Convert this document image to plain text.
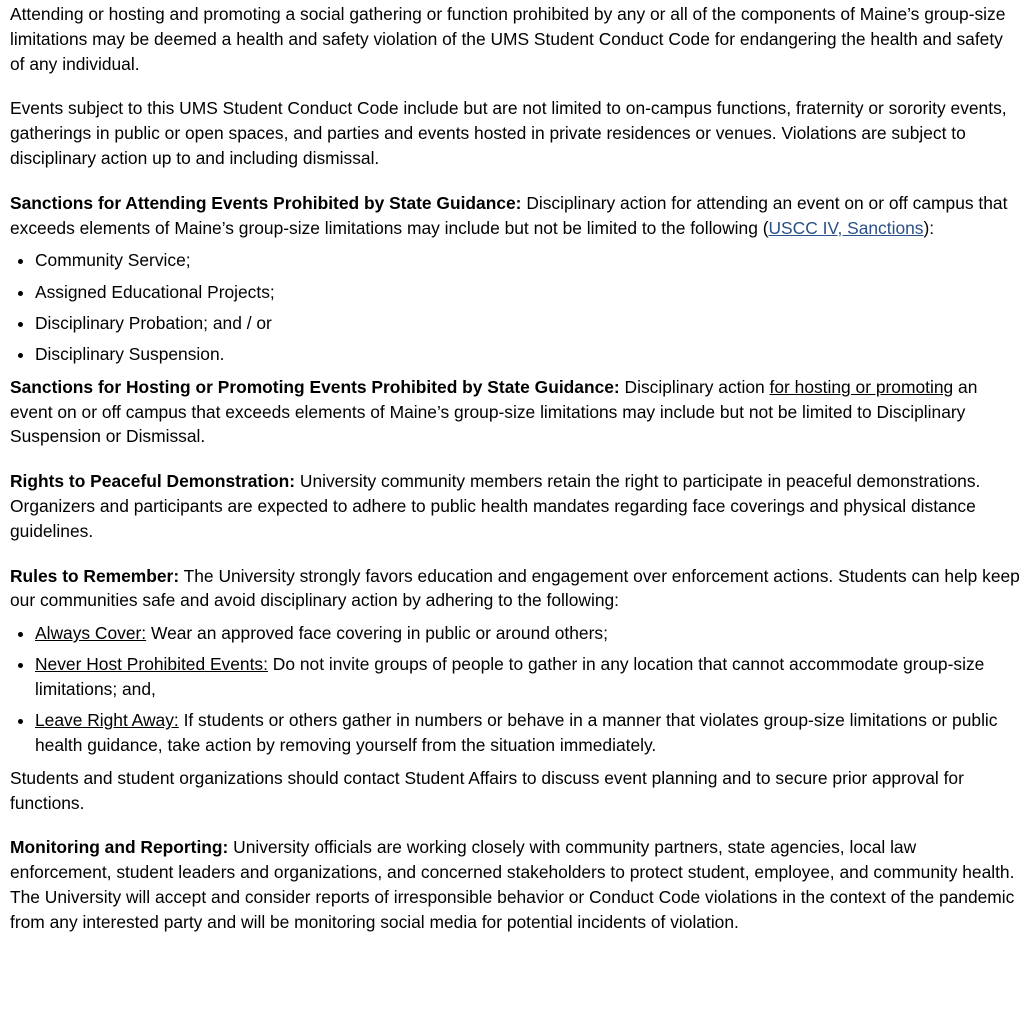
Attending or hosting and promoting a social gathering or function prohibited by any or all of the components of Maine’s group-size limitations may be deemed a health and safety violation of the UMS Student Conduct Code for endangering the health and safety of any individual.

Events subject to this UMS Student Conduct Code include but are not limited to on-campus functions, fraternity or sorority events, gatherings in public or open spaces, and parties and events hosted in private residences or venues. Violations are subject to disciplinary action up to and including dismissal.

Sanctions for Attending Events Prohibited by State Guidance: Disciplinary action for attending an event on or off campus that exceeds elements of Maine’s group-size limitations may include but not be limited to the following (USCC IV, Sanctions):

• Community Service;
• Assigned Educational Projects;
• Disciplinary Probation; and / or
• Disciplinary Suspension.

Sanctions for Hosting or Promoting Events Prohibited by State Guidance: Disciplinary action for hosting or promoting an event on or off campus that exceeds elements of Maine’s group-size limitations may include but not be limited to Disciplinary Suspension or Dismissal.

Rights to Peaceful Demonstration: University community members retain the right to participate in peaceful demonstrations. Organizers and participants are expected to adhere to public health mandates regarding face coverings and physical distance guidelines.

Rules to Remember: The University strongly favors education and engagement over enforcement actions. Students can help keep our communities safe and avoid disciplinary action by adhering to the following:

• Always Cover: Wear an approved face covering in public or around others;
• Never Host Prohibited Events: Do not invite groups of people to gather in any location that cannot accommodate group-size limitations; and,
• Leave Right Away: If students or others gather in numbers or behave in a manner that violates group-size limitations or public health guidance, take action by removing yourself from the situation immediately.

Students and student organizations should contact Student Affairs to discuss event planning and to secure prior approval for functions.

Monitoring and Reporting: University officials are working closely with community partners, state agencies, local law enforcement, student leaders and organizations, and concerned stakeholders to protect student, employee, and community health. The University will accept and consider reports of irresponsible behavior or Conduct Code violations in the context of the pandemic from any interested party and will be monitoring social media for potential incidents of violation.
